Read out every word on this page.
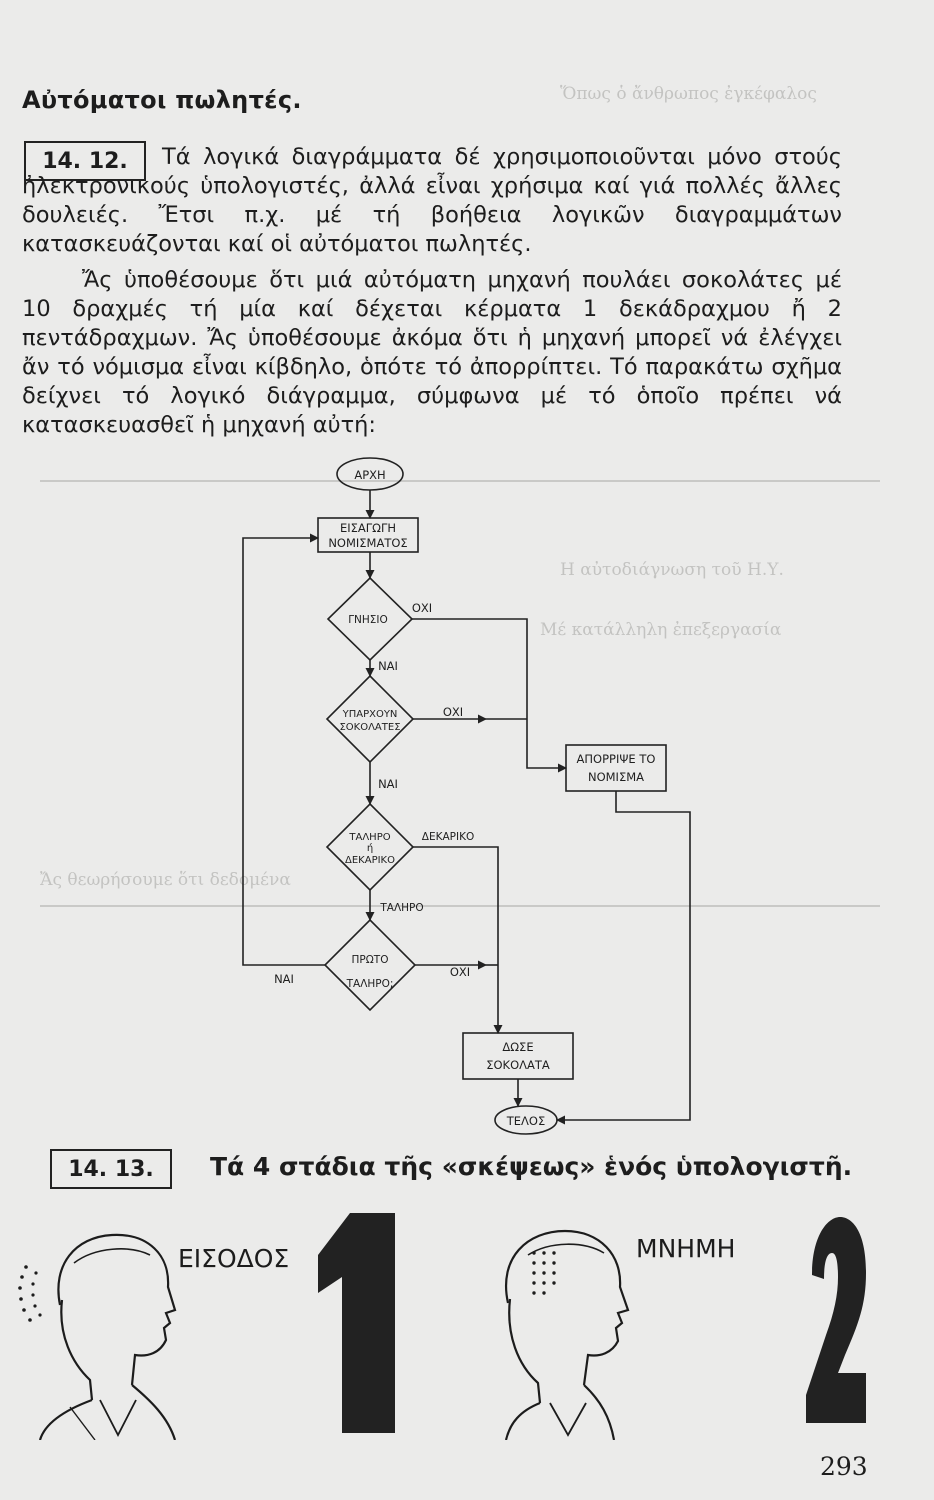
Ὅπως ὁ ἄνθρωπος ἐγκέφαλος
Η αὐτοδιάγνωση τοῦ Η.Υ.
Μέ κατάλληλη ἐπεξεργασία
Ἄς θεωρήσουμε ὅτι δεδομένα
Αὐτόματοι πωλητές.
14. 12.	Τά λογικά διαγράμματα δέ χρησιμοποιοῦνται μόνο στούς ἠλεκτρονικούς ὑπολογιστές, ἀλλά εἶναι χρήσιμα καί γιά πολλές ἄλλες δουλειές. Ἔτσι π.χ. μέ τή βοήθεια λογικῶν διαγραμμάτων κατασκευάζονται καί οἱ αὐτόματοι πωλητές.

Ἄς ὑποθέσουμε ὅτι μιά αὐτόματη μηχανή πουλάει σοκολάτες μέ 10 δραχμές τή μία καί δέχεται κέρματα 1 δεκάδραχμου ἤ 2 πεντάδραχμων. Ἄς ὑποθέσουμε ἀκόμα ὅτι ἡ μηχανή μπορεῖ νά ἐλέγχει ἄν τό νόμισμα εἶναι κίβδηλο, ὁπότε τό ἀπορρίπτει. Τό παρακάτω σχῆμα δείχνει τό λογικό διάγραμμα, σύμφωνα μέ τό ὁποῖο πρέπει νά κατασκευασθεῖ ἡ μηχανή αὐτή:

ΑΡΧΗ
ΕΙΣΑΓΩΓΗ
ΝΟΜΙΣΜΑΤΟΣ
ΓΝΗΣΙΟ
ΥΠΑΡΧΟΥΝ
ΣΟΚΟΛΑΤΕΣ
ΤΑΛΗΡΟ
ή
ΔΕΚΑΡΙΚΟ
ΠΡΩΤΟ
ΤΑΛΗΡΟ;
ΑΠΟΡΡΙΨΕ ΤΟ
ΝΟΜΙΣΜΑ
ΔΩΣΕ
ΣΟΚΟΛΑΤΑ
ΤΕΛΟΣ
ΟΧΙ
ΝΑΙ
ΟΧΙ
ΝΑΙ
ΔΕΚΑΡΙΚΟ
ΤΑΛΗΡΟ
ΟΧΙ
ΝΑΙ
14. 13.	Τά 4 στάδια τῆς «σκέψεως» ἑνός ὑπολογιστῆ.
ΕΙΣΟΔΟΣ	ΜΝΗΜΗ
293
